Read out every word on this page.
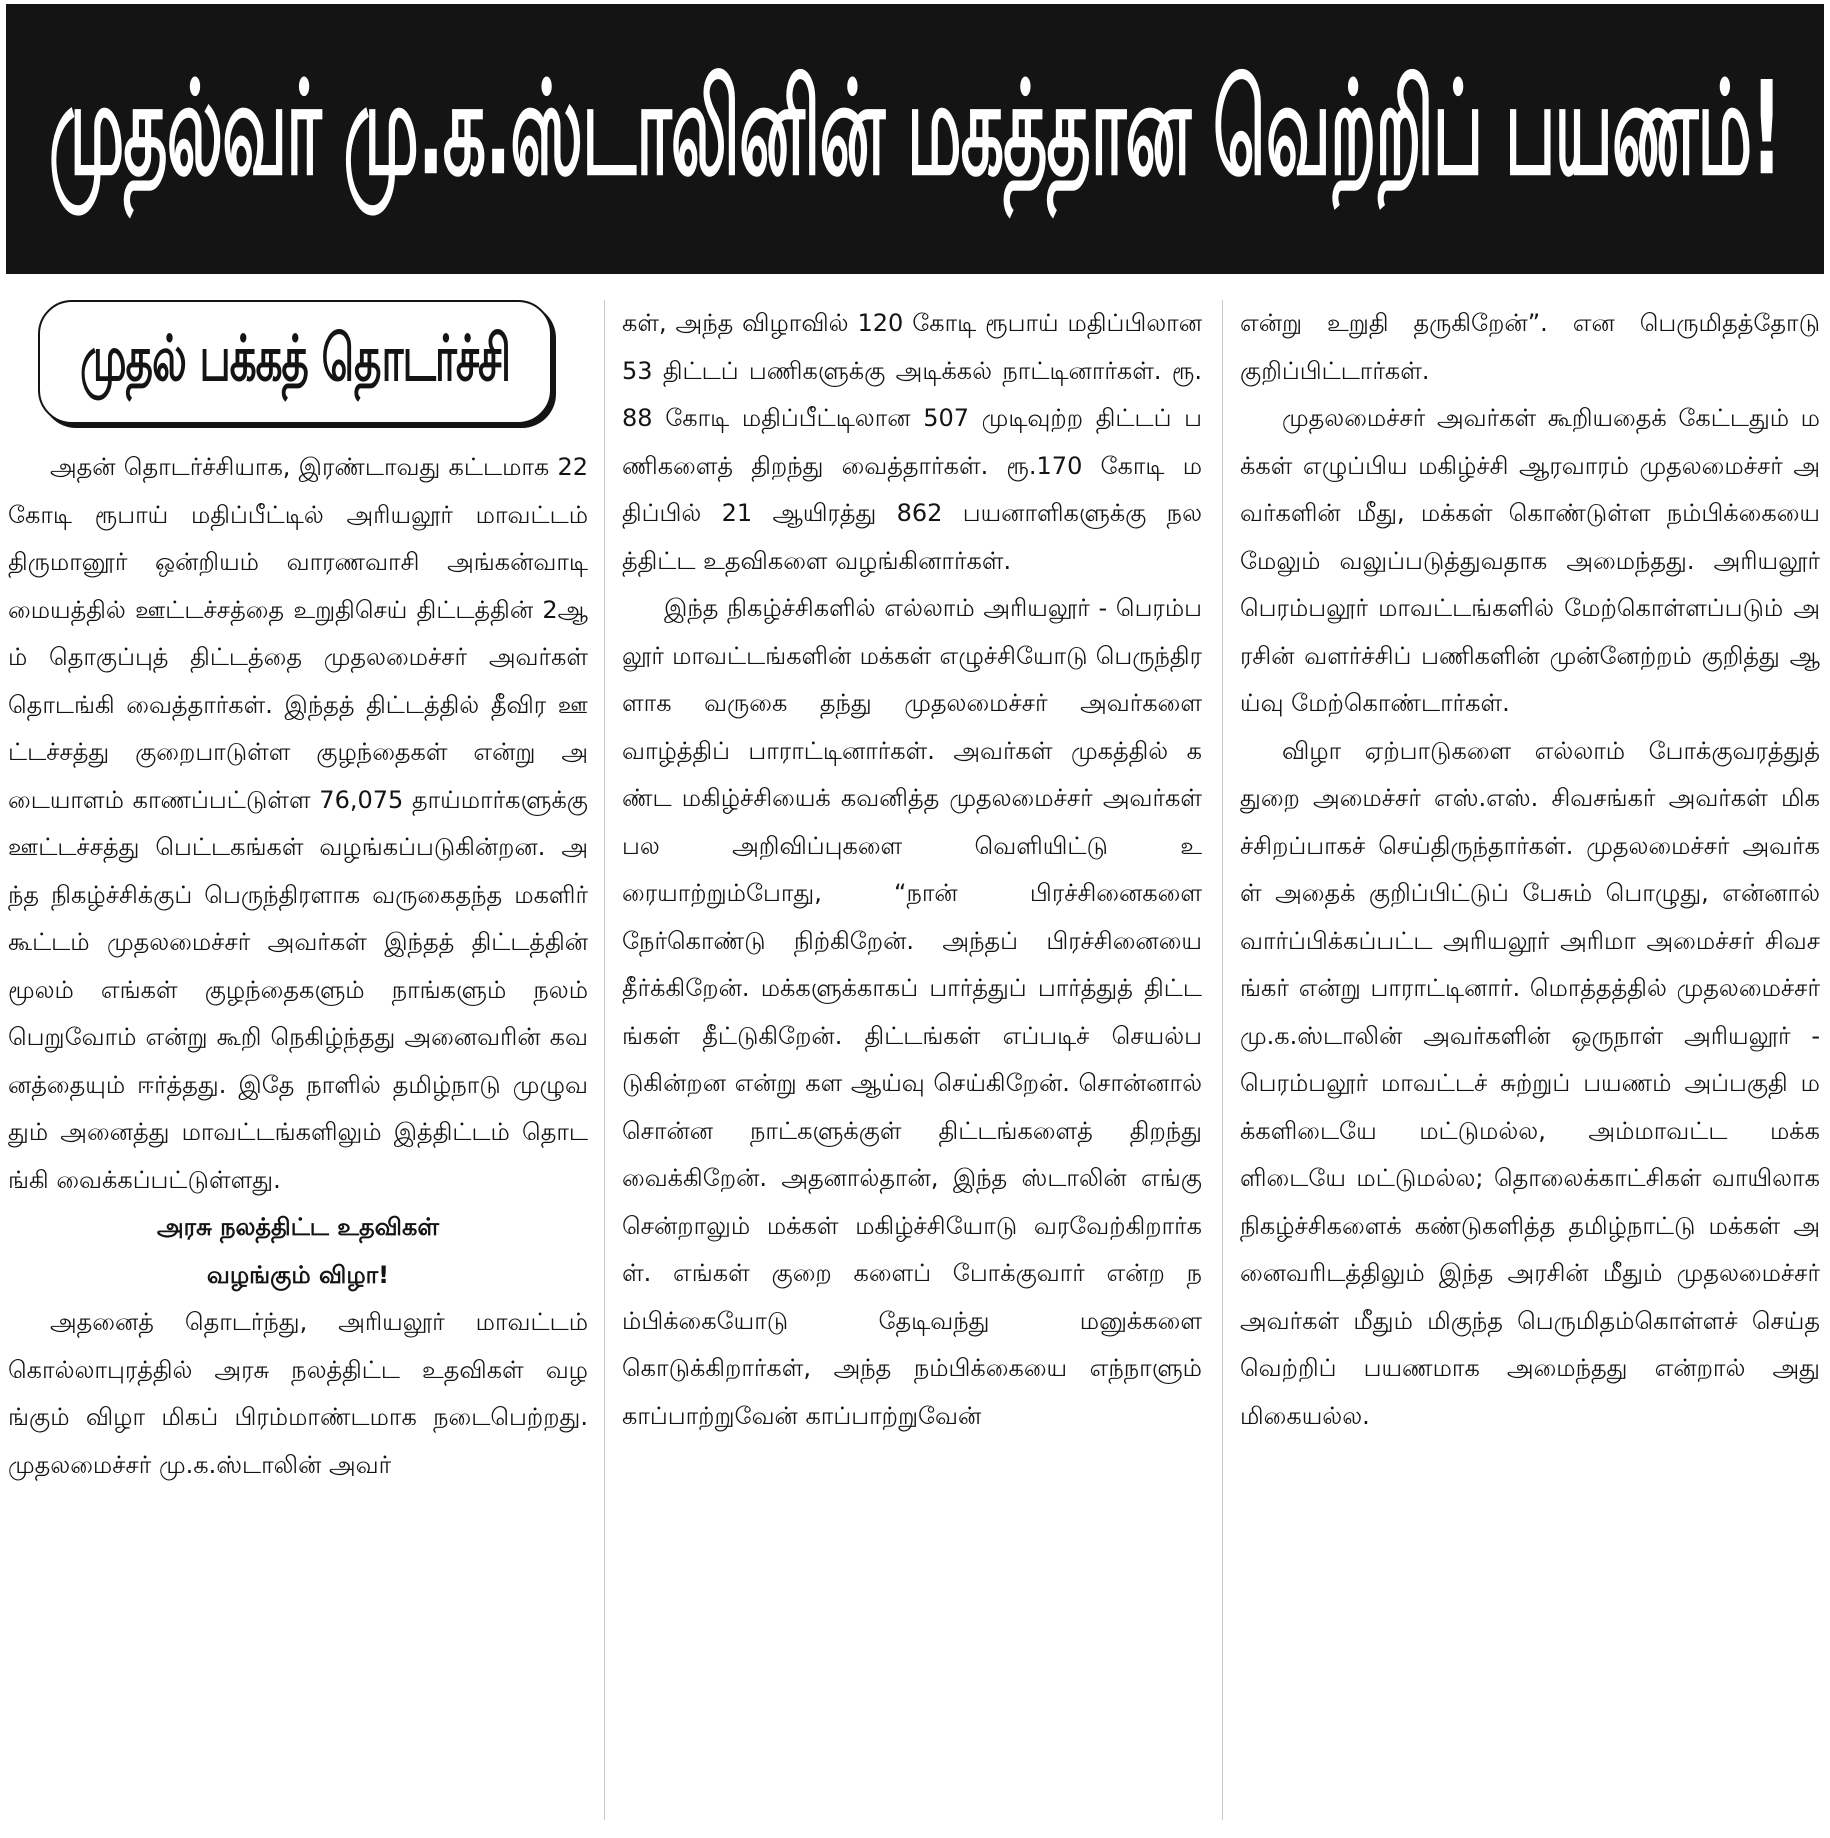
முதல்வர் மு.க.ஸ்டாலினின் மகத்தான வெற்றிப் பயணம்!
முதல் பக்கத் தொடர்ச்சி

அதன் தொடர்ச்சியாக, இரண்டாவது கட்டமாக 22 கோடி ரூபாய் மதிப்பீட்டில் அரியலூர் மாவட்டம் திருமானூர் ஒன்றியம் வாரணவாசி அங்கன்வாடி மையத்தில் ஊட்டச்சத்தை உறுதிசெய் திட்டத்தின் 2ஆம் தொகுப்புத் திட்டத்தை முதலமைச்சர் அவர்கள் தொடங்கி வைத்தார்கள். இந்தத் திட்டத்தில் தீவிர ஊட்டச்சத்து குறைபாடுள்ள குழந்தைகள் என்று அடையாளம் காணப்பட்டுள்ள 76,075 தாய்மார்களுக்கு ஊட்டச்சத்து பெட்டகங்கள் வழங்கப்படுகின்றன. அந்த நிகழ்ச்சிக்குப் பெருந்திரளாக வருகைதந்த மகளிர் கூட்டம் முதலமைச்சர் அவர்கள் இந்தத் திட்டத்தின் மூலம் எங்கள் குழந்தைகளும் நாங்களும் நலம் பெறுவோம் என்று கூறி நெகிழ்ந்தது அனைவரின் கவனத்தையும் ஈர்த்தது. இதே நாளில் தமிழ்நாடு முழுவதும் அனைத்து மாவட்டங்களிலும் இத்திட்டம் தொடங்கி வைக்கப்பட்டுள்ளது.

அரசு நலத்திட்ட உதவிகள்

வழங்கும் விழா!

அதனைத் தொடர்ந்து, அரியலூர் மாவட்டம் கொல்லாபுரத்தில் அரசு நலத்திட்ட உதவிகள் வழங்கும் விழா மிகப் பிரம்மாண்டமாக நடைபெற்றது. முதலமைச்சர் மு.க.ஸ்டாலின் அவர்

கள், அந்த விழாவில் 120 கோடி ரூபாய் மதிப்பிலான 53 திட்டப் பணிகளுக்கு அடிக்கல் நாட்டினார்கள். ரூ.88 கோடி மதிப்பீட்டிலான 507 முடிவுற்ற திட்டப் பணிகளைத் திறந்து வைத்தார்கள். ரூ.170 கோடி மதிப்பில் 21 ஆயிரத்து 862 பயனாளிகளுக்கு நலத்திட்ட உதவிகளை வழங்கினார்கள்.

இந்த நிகழ்ச்சிகளில் எல்லாம் அரியலூர் - பெரம்பலூர் மாவட்டங்களின் மக்கள் எழுச்சியோடு பெருந்திரளாக வருகை தந்து முதலமைச்சர் அவர்களை வாழ்த்திப் பாராட்டினார்கள். அவர்கள் முகத்தில் கண்ட மகிழ்ச்சியைக் கவனித்த முதலமைச்சர் அவர்கள் பல அறிவிப்புகளை வெளியிட்டு உரையாற்றும்போது, “நான் பிரச்சினைகளை நேர்கொண்டு நிற்கிறேன். அந்தப் பிரச்சினையை தீர்க்கிறேன். மக்களுக்காகப் பார்த்துப் பார்த்துத் திட்டங்கள் தீட்டுகிறேன். திட்டங்கள் எப்படிச் செயல்படுகின்றன என்று கள ஆய்வு செய்கிறேன். சொன்னால் சொன்ன நாட்களுக்குள் திட்டங்களைத் திறந்து வைக்கிறேன். அதனால்தான், இந்த ஸ்டாலின் எங்கு சென்றாலும் மக்கள் மகிழ்ச்சியோடு வரவேற்கிறார்கள். எங்கள் குறை களைப் போக்குவார் என்ற நம்பிக்கையோடு தேடிவந்து மனுக்களை கொடுக்கிறார்கள், அந்த நம்பிக்கையை எந்நாளும் காப்பாற்றுவேன் காப்பாற்றுவேன்

என்று உறுதி தருகிறேன்”. என பெருமிதத்தோடு குறிப்பிட்டார்கள்.

முதலமைச்சர் அவர்கள் கூறியதைக் கேட்டதும் மக்கள் எழுப்பிய மகிழ்ச்சி ஆரவாரம் முதலமைச்சர் அவர்களின் மீது, மக்கள் கொண்டுள்ள நம்பிக்கையை மேலும் வலுப்படுத்துவதாக அமைந்தது. அரியலூர் பெரம்பலூர் மாவட்டங்களில் மேற்கொள்ளப்படும் அரசின் வளர்ச்சிப் பணிகளின் முன்னேற்றம் குறித்து ஆய்வு மேற்கொண்டார்கள்.

விழா ஏற்பாடுகளை எல்லாம் போக்குவரத்துத் துறை அமைச்சர் எஸ்.எஸ். சிவசங்கர் அவர்கள் மிகச்சிறப்பாகச் செய்திருந்தார்கள். முதலமைச்சர் அவர்கள் அதைக் குறிப்பிட்டுப் பேசும் பொழுது, என்னால் வார்ப்பிக்கப்பட்ட அரியலூர் அரிமா அமைச்சர் சிவசங்கர் என்று பாராட்டினார். மொத்தத்தில் முதலமைச்சர் மு.க.ஸ்டாலின் அவர்களின் ஒருநாள் அரியலூர் - பெரம்பலூர் மாவட்டச் சுற்றுப் பயணம் அப்பகுதி மக்களிடையே மட்டுமல்ல, அம்மாவட்ட மக்களிடையே மட்டுமல்ல; தொலைக்காட்சிகள் வாயிலாக நிகழ்ச்சிகளைக் கண்டுகளித்த தமிழ்நாட்டு மக்கள் அனைவரிடத்திலும் இந்த அரசின் மீதும் முதலமைச்சர் அவர்கள் மீதும் மிகுந்த பெருமிதம்கொள்ளச் செய்த வெற்றிப் பயணமாக அமைந்தது என்றால் அது மிகையல்ல.
